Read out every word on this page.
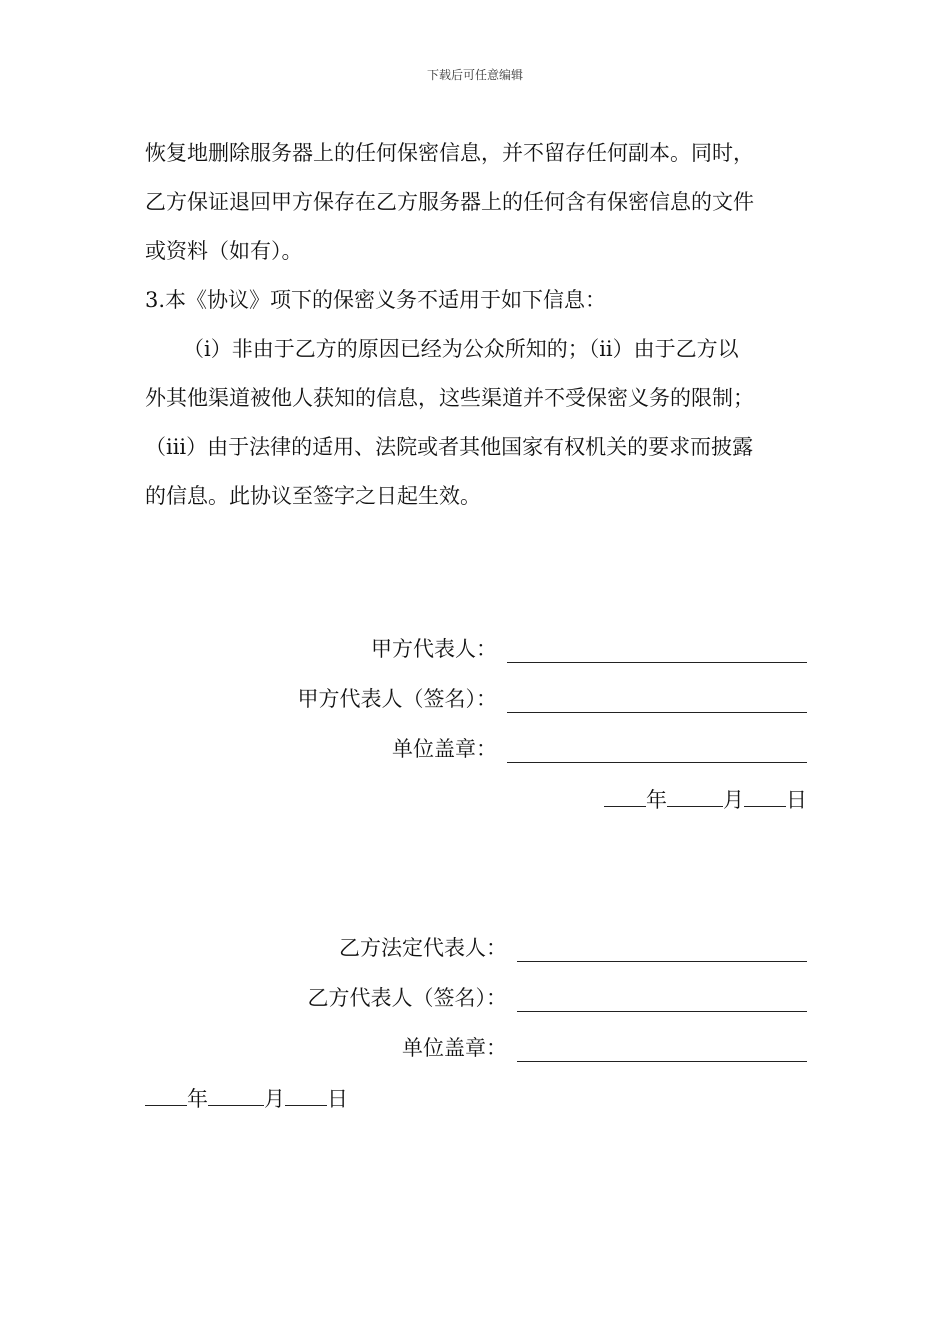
下载后可任意编辑
恢复地删除服务器上的任何保密信息，并不留存任何副本。同时，
乙方保证退回甲方保存在乙方服务器上的任何含有保密信息的文件
或资料（如有）。
3.本《协议》项下的保密义务不适用于如下信息：
（i）非由于乙方的原因已经为公众所知的；（ii）由于乙方以
外其他渠道被他人获知的信息，这些渠道并不受保密义务的限制；
（iii）由于法律的适用、法院或者其他国家有权机关的要求而披露
的信息。此协议至签字之日起生效。
甲方代表人：
甲方代表人（签名）：
单位盖章：
年	月 日
乙方法定代表人：
乙方代表人（签名）：
单位盖章：
年	月 日
